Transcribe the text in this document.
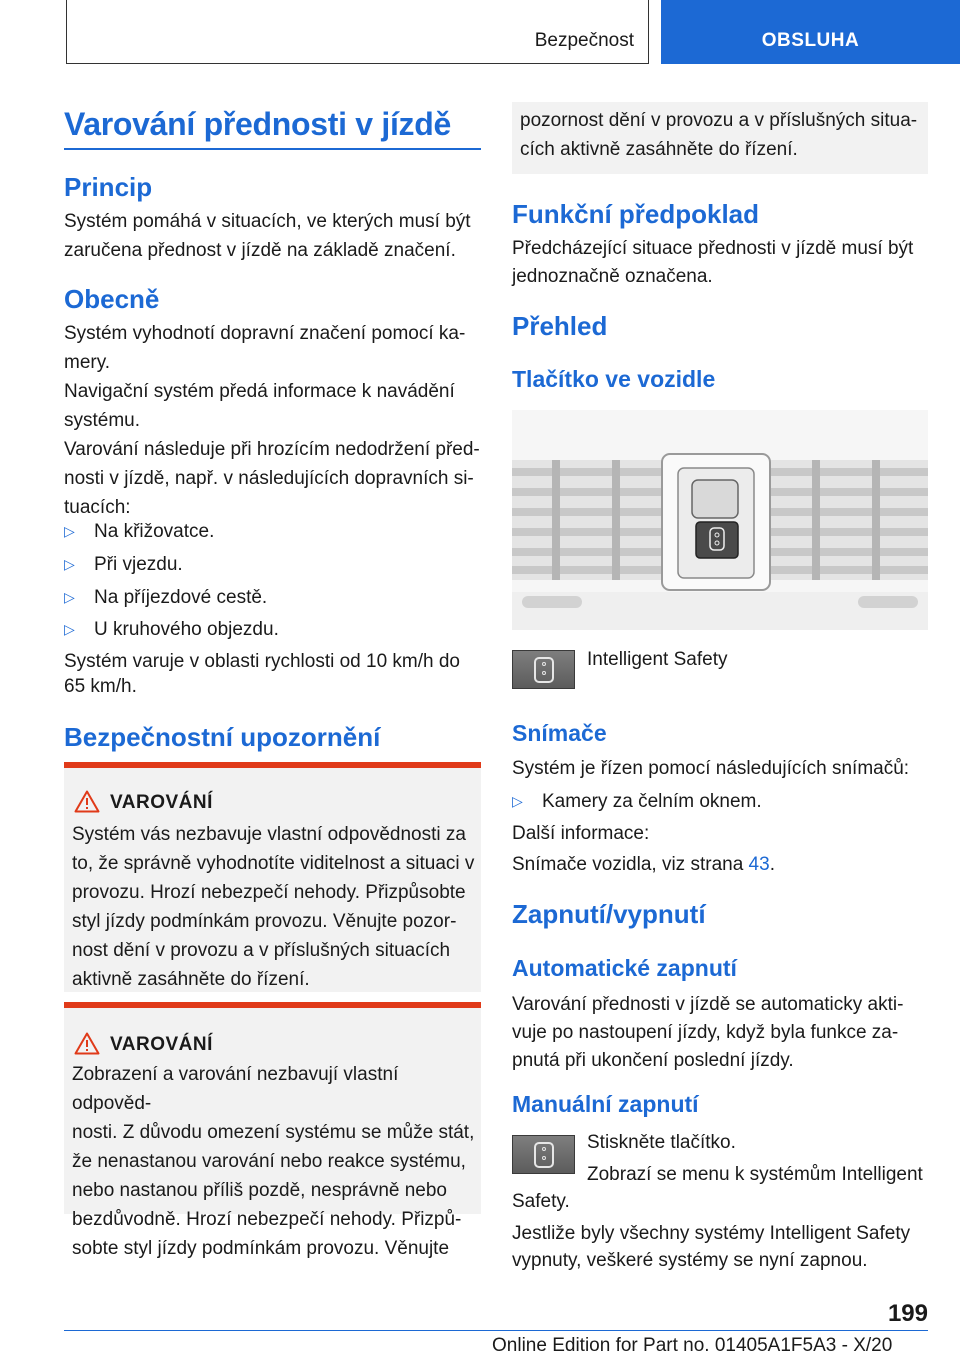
Bezpečnost	OBSLUHA
Varování přednosti v jízdě
Princip
Systém pomáhá v situacích, ve kterých musí být
zaručena přednost v jízdě na základě značení.
Obecně
Systém vyhodnotí dopravní značení pomocí ka-
mery.
Navigační systém předá informace k navádění
systému.
Varování následuje při hrozícím nedodržení před-
nosti v jízdě, např. v následujících dopravních si-
tuacích:
▷ Na křižovatce.
▷ Při vjezdu.
▷ Na příjezdové cestě.
▷ U kruhového objezdu.
Systém varuje v oblasti rychlosti od 10 km/h do
65 km/h.
Bezpečnostní upozornění
VAROVÁNÍ
Systém vás nezbavuje vlastní odpovědnosti za
to, že správně vyhodnotíte viditelnost a situaci v
provozu. Hrozí nebezpečí nehody. Přizpůsobte
styl jízdy podmínkám provozu. Věnujte pozor-
nost dění v provozu a v příslušných situacích
aktivně zasáhněte do řízení.
VAROVÁNÍ
Zobrazení a varování nezbavují vlastní odpověd-
nosti. Z důvodu omezení systému se může stát,
že nenastanou varování nebo reakce systému,
nebo nastanou příliš pozdě, nesprávně nebo
bezdůvodně. Hrozí nebezpečí nehody. Přizpů-
sobte styl jízdy podmínkám provozu. Věnujte
pozornost dění v provozu a v příslušných situa-
cích aktivně zasáhněte do řízení.
Funkční předpoklad
Předcházející situace přednosti v jízdě musí být
jednoznačně označena.
Přehled
Tlačítko ve vozidle
Intelligent Safety
Snímače
Systém je řízen pomocí následujících snímačů:
▷ Kamery za čelním oknem.
Další informace:
Snímače vozidla, viz strana 43.
Zapnutí/vypnutí
Automatické zapnutí
Varování přednosti v jízdě se automaticky akti-
vuje po nastoupení jízdy, když byla funkce za-
pnutá při ukončení poslední jízdy.
Manuální zapnutí
Stiskněte tlačítko.
Zobrazí se menu k systémům Intelligent
Safety.
Jestliže byly všechny systémy Intelligent Safety
vypnuty, veškeré systémy se nyní zapnou.
199
Online Edition for Part no. 01405A1F5A3 - X/20
